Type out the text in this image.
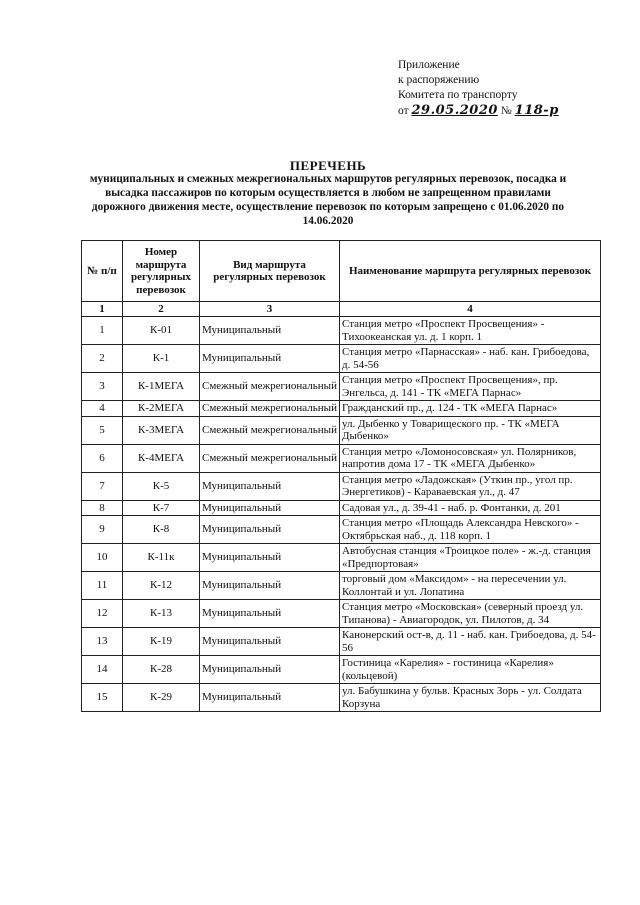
Приложение
к распоряжению
Комитета по транспорту
от 29.05.2020 № 118-р
ПЕРЕЧЕНЬ
муниципальных и смежных межрегиональных маршрутов регулярных перевозок, посадка и высадка пассажиров по которым осуществляется в любом не запрещенном правилами дорожного движения месте, осуществление перевозок по которым запрещено с 01.06.2020 по 14.06.2020
№ п/п	Номер маршрута регулярных перевозок	Вид маршрута регулярных перевозок	Наименование маршрута регулярных перевозок
1	2	3	4
1	К-01	Муниципальный	Станция метро «Проспект Просвещения» - Тихоокеанская ул. д. 1 корп. 1
2	К-1	Муниципальный	Станция метро «Парнасская» - наб. кан. Грибоедова, д. 54-56
3	К-1МЕГА	Смежный межрегиональный	Станция метро «Проспект Просвещения», пр. Энгельса, д. 141 - ТК «МЕГА Парнас»
4	К-2МЕГА	Смежный межрегиональный	Гражданский пр., д. 124 - ТК «МЕГА Парнас»
5	К-3МЕГА	Смежный межрегиональный	ул. Дыбенко у Товарищеского пр. - ТК «МЕГА Дыбенко»
6	К-4МЕГА	Смежный межрегиональный	Станция метро «Ломоносовская» ул. Полярников, напротив дома 17 - ТК «МЕГА Дыбенко»
7	К-5	Муниципальный	Станция метро «Ладожская» (Уткин пр., угол пр. Энергетиков) - Караваевская ул., д. 47
8	К-7	Муниципальный	Садовая ул., д. 39-41 - наб. р. Фонтанки, д. 201
9	К-8	Муниципальный	Станция метро «Площадь Александра Невского» - Октябрьская наб., д. 118 корп. 1
10	К-11к	Муниципальный	Автобусная станция «Троицкое поле» - ж.-д. станция «Предпортовая»
11	К-12	Муниципальный	торговый дом «Максидом» - на пересечении ул. Коллонтай и ул. Лопатина
12	К-13	Муниципальный	Станция метро «Московская» (северный проезд ул. Типанова) - Авиагородок, ул. Пилотов, д. 34
13	К-19	Муниципальный	Канонерский ост-в, д. 11 - наб. кан. Грибоедова, д. 54-56
14	К-28	Муниципальный	Гостиница «Карелия» - гостиница «Карелия» (кольцевой)
15	К-29	Муниципальный	ул. Бабушкина у бульв. Красных Зорь - ул. Солдата Корзуна
